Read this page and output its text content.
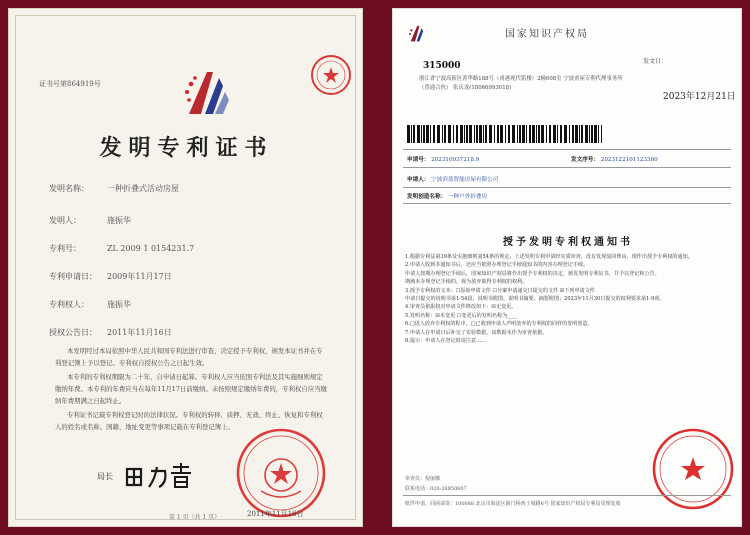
证书号第864919号
发明专利证书
发明名称： 一种折叠式活动房屋
发明人：	施振华
专利号：	ZL 2009 1 0154231.7
专利申请日： 2009年11月17日
专利权人： 施振华
授权公告日： 2011年11月16日
本发明经过本局依照中华人民共和国专利法进行审查，决定授予专利权，颁发本证书并在专利登记簿上予以登记。专利权自授权公告之日起生效。
本专利的专利权期限为二十年，自申请日起算。专利权人应当依照专利法及其实施细则规定缴纳年费。本专利的年费应当在每年11月17日前缴纳。未按照规定缴纳年费的，专利权自应当缴纳年费期满之日起终止。
专利证书记载专利权登记时的法律状况。专利权的转移、质押、无效、终止、恢复和专利权人的姓名或名称、国籍、地址变更等事项记载在专利登记簿上。
局长
2011年11月16日
第 1 页（共 1 页）
国家知识产权局
315000
浙江省宁波高新区菁华路188号（甬港现代铭楼）2幢608室 宁波甬屋专利代理事务所（普通合伙） 张庆龙(18066993018)
发文日：
2023年12月21日
申请号： 202310937218.9	发文序号： 2023122101123360
申请人： 宁波滨蓝智能房屋有限公司
发明创造名称： 一种户外折叠房
授予发明专利权通知书

1.根据专利法第39条及实施细则第54条的规定，上述发明专利申请经实质审查，没有发现驳回理由，现作出授予专利权的通知。

2.申请人收到本通知书后，还应当依照办理登记手续通知书的内容办理登记手续。

申请人按期办理登记手续后，国家知识产权局将作出授予专利权的决定，颁发发明专利证书，并予以登记和公告。

期满未办理登记手续的，视为放弃取得专利权的权利。

3.授予专利权的文本：☐原始申请文件 ☐分案申请递交日提交的文件 ☒下列申请文件

申请日提交的说明书第1-54段、说明书附图、说明书摘要、摘要附图；2023年11月30日提交的权利要求第1-9项。

4.审查员依职权对申请文件修改如下：☒无变更。

5.发明名称：☒未变更 ☐变更后的发明名称为____

6.□进入放弃专利权的程序。□已收到申请人声明放弃的专利权的同样的发明创造。

7.申请人在申请日后补交了实验数据，该数据未作为审查依据。

8.提示：申请人在登记时请注意……

审查员：倪丽娜
联系电话：020-28950607
纸件申请，回函请寄：100088 北京市海淀区蓟门桥西土城路6号 国家知识产权局专利局受理处收
